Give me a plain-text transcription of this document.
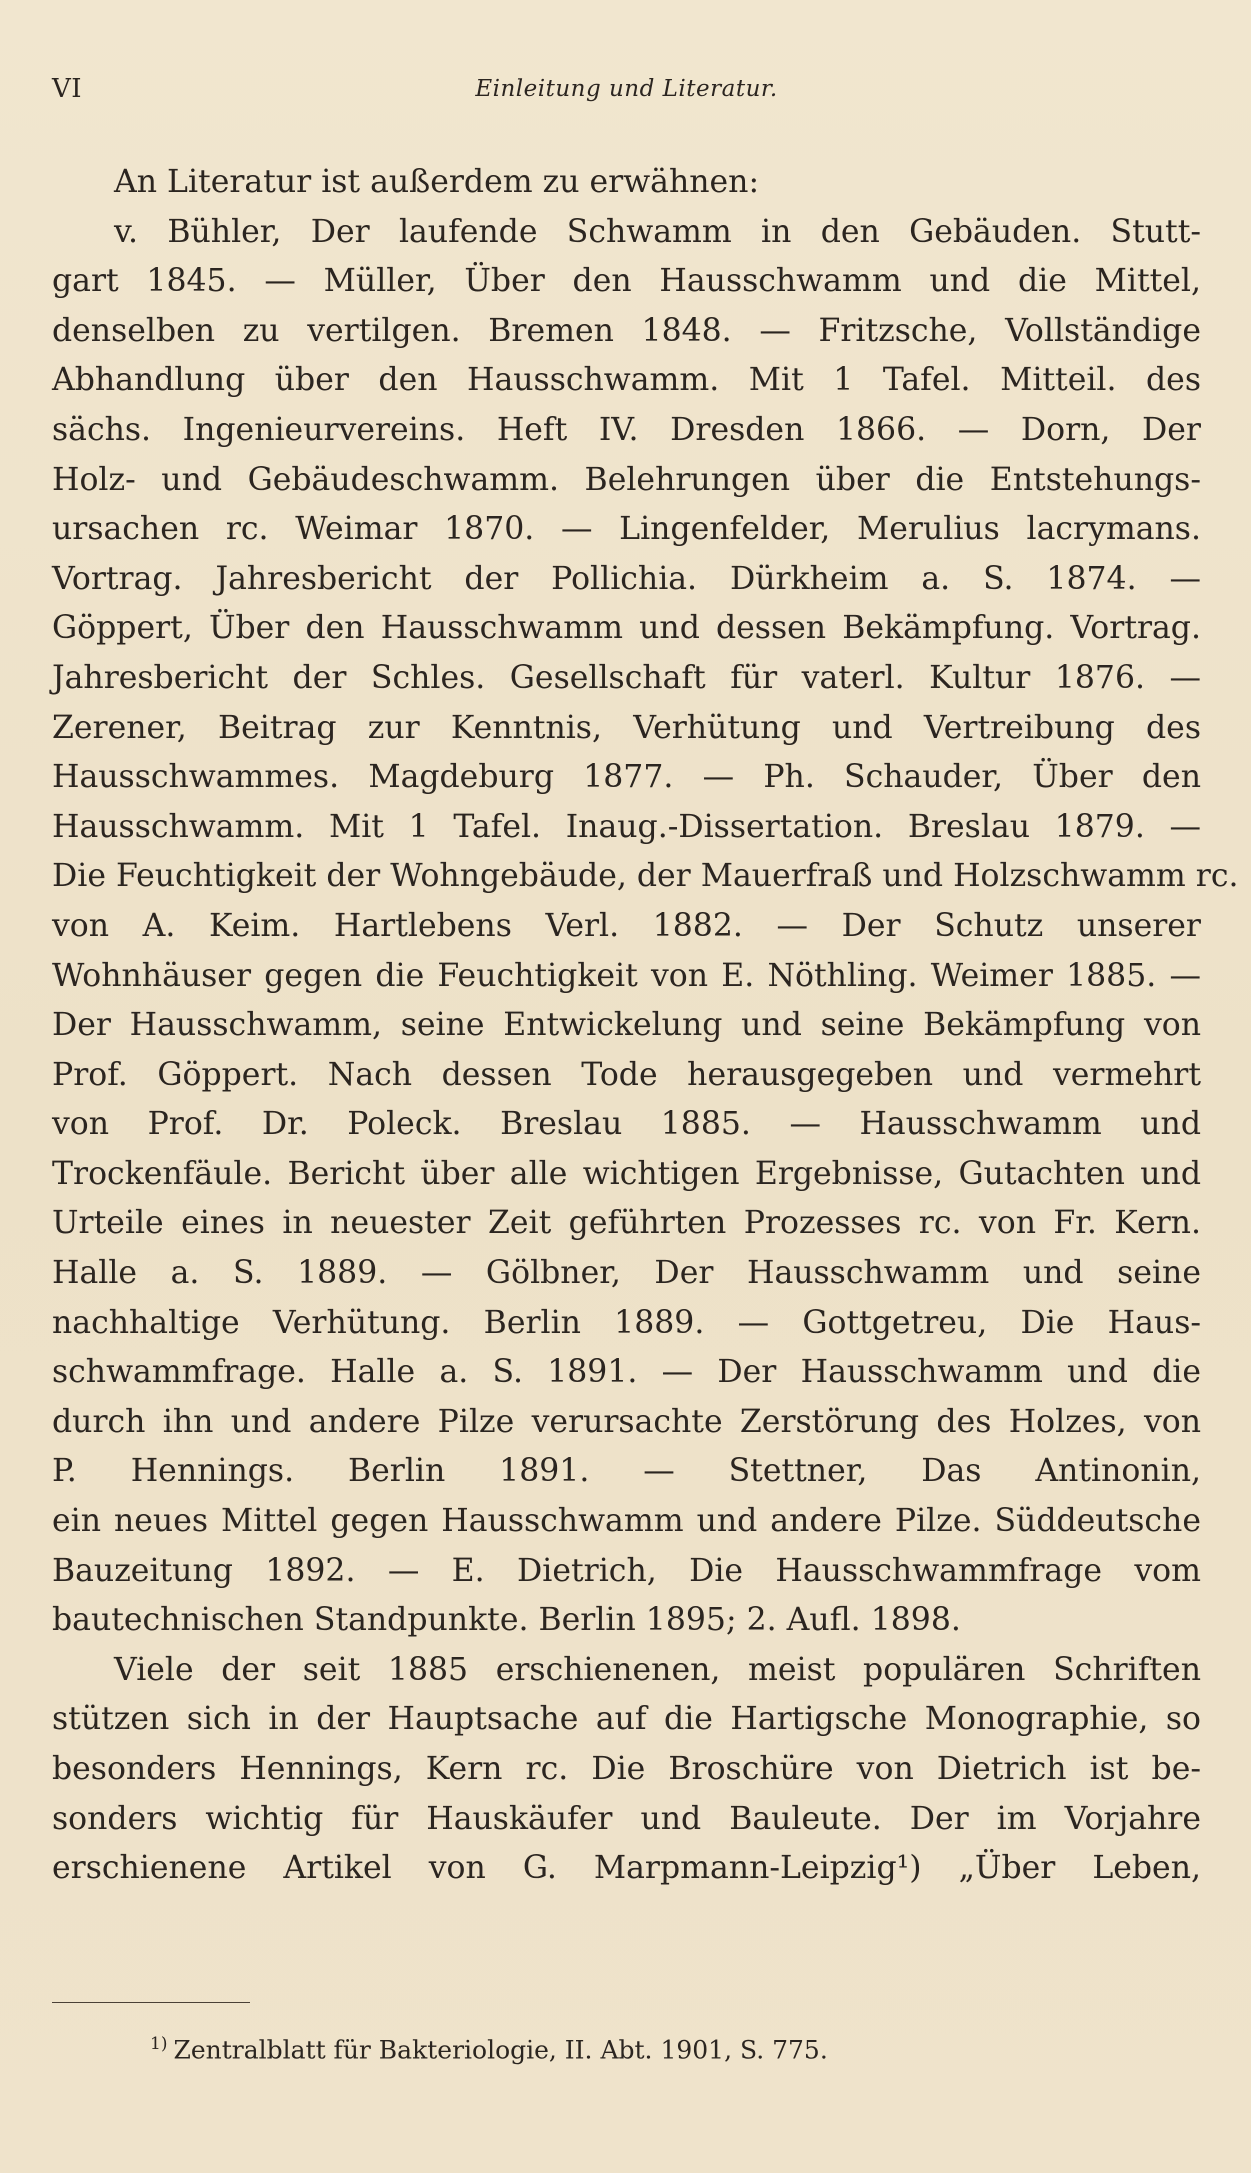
VI	Einleitung und Literatur.
An Literatur ist außerdem zu erwähnen:
v. Bühler, Der laufende Schwamm in den Gebäuden. Stutt-
gart 1845. — Müller, Über den Hausschwamm und die Mittel,
denselben zu vertilgen. Bremen 1848. — Fritzsche, Vollständige
Abhandlung über den Hausschwamm. Mit 1 Tafel. Mitteil. des
sächs. Ingenieurvereins. Heft IV. Dresden 1866. — Dorn, Der
Holz- und Gebäudeschwamm. Belehrungen über die Entstehungs-
ursachen rc. Weimar 1870. — Lingenfelder, Merulius lacrymans.
Vortrag. Jahresbericht der Pollichia. Dürkheim a. S. 1874. —
Göppert, Über den Hausschwamm und dessen Bekämpfung. Vortrag.
Jahresbericht der Schles. Gesellschaft für vaterl. Kultur 1876. —
Zerener, Beitrag zur Kenntnis, Verhütung und Vertreibung des
Hausschwammes. Magdeburg 1877. — Ph. Schauder, Über den
Hausschwamm. Mit 1 Tafel. Inaug.-Dissertation. Breslau 1879. —
Die Feuchtigkeit der Wohngebäude, der Mauerfraß und Holzschwamm rc.
von A. Keim. Hartlebens Verl. 1882. — Der Schutz unserer
Wohnhäuser gegen die Feuchtigkeit von E. Nöthling. Weimer 1885. —
Der Hausschwamm, seine Entwickelung und seine Bekämpfung von
Prof. Göppert. Nach dessen Tode herausgegeben und vermehrt
von Prof. Dr. Poleck. Breslau 1885. — Hausschwamm und
Trockenfäule. Bericht über alle wichtigen Ergebnisse, Gutachten und
Urteile eines in neuester Zeit geführten Prozesses rc. von Fr. Kern.
Halle a. S. 1889. — Gölbner, Der Hausschwamm und seine
nachhaltige Verhütung. Berlin 1889. — Gottgetreu, Die Haus-
schwammfrage. Halle a. S. 1891. — Der Hausschwamm und die
durch ihn und andere Pilze verursachte Zerstörung des Holzes, von
P. Hennings. Berlin 1891. — Stettner, Das Antinonin,
ein neues Mittel gegen Hausschwamm und andere Pilze. Süddeutsche
Bauzeitung 1892. — E. Dietrich, Die Hausschwammfrage vom
bautechnischen Standpunkte. Berlin 1895; 2. Aufl. 1898.
Viele der seit 1885 erschienenen, meist populären Schriften
stützen sich in der Hauptsache auf die Hartigsche Monographie, so
besonders Hennings, Kern rc. Die Broschüre von Dietrich ist be-
sonders wichtig für Hauskäufer und Bauleute. Der im Vorjahre
erschienene Artikel von G. Marpmann-Leipzig¹) „Über Leben,
$^{1)}$ Zentralblatt für Bakteriologie, II. Abt. 1901, S. 775.
